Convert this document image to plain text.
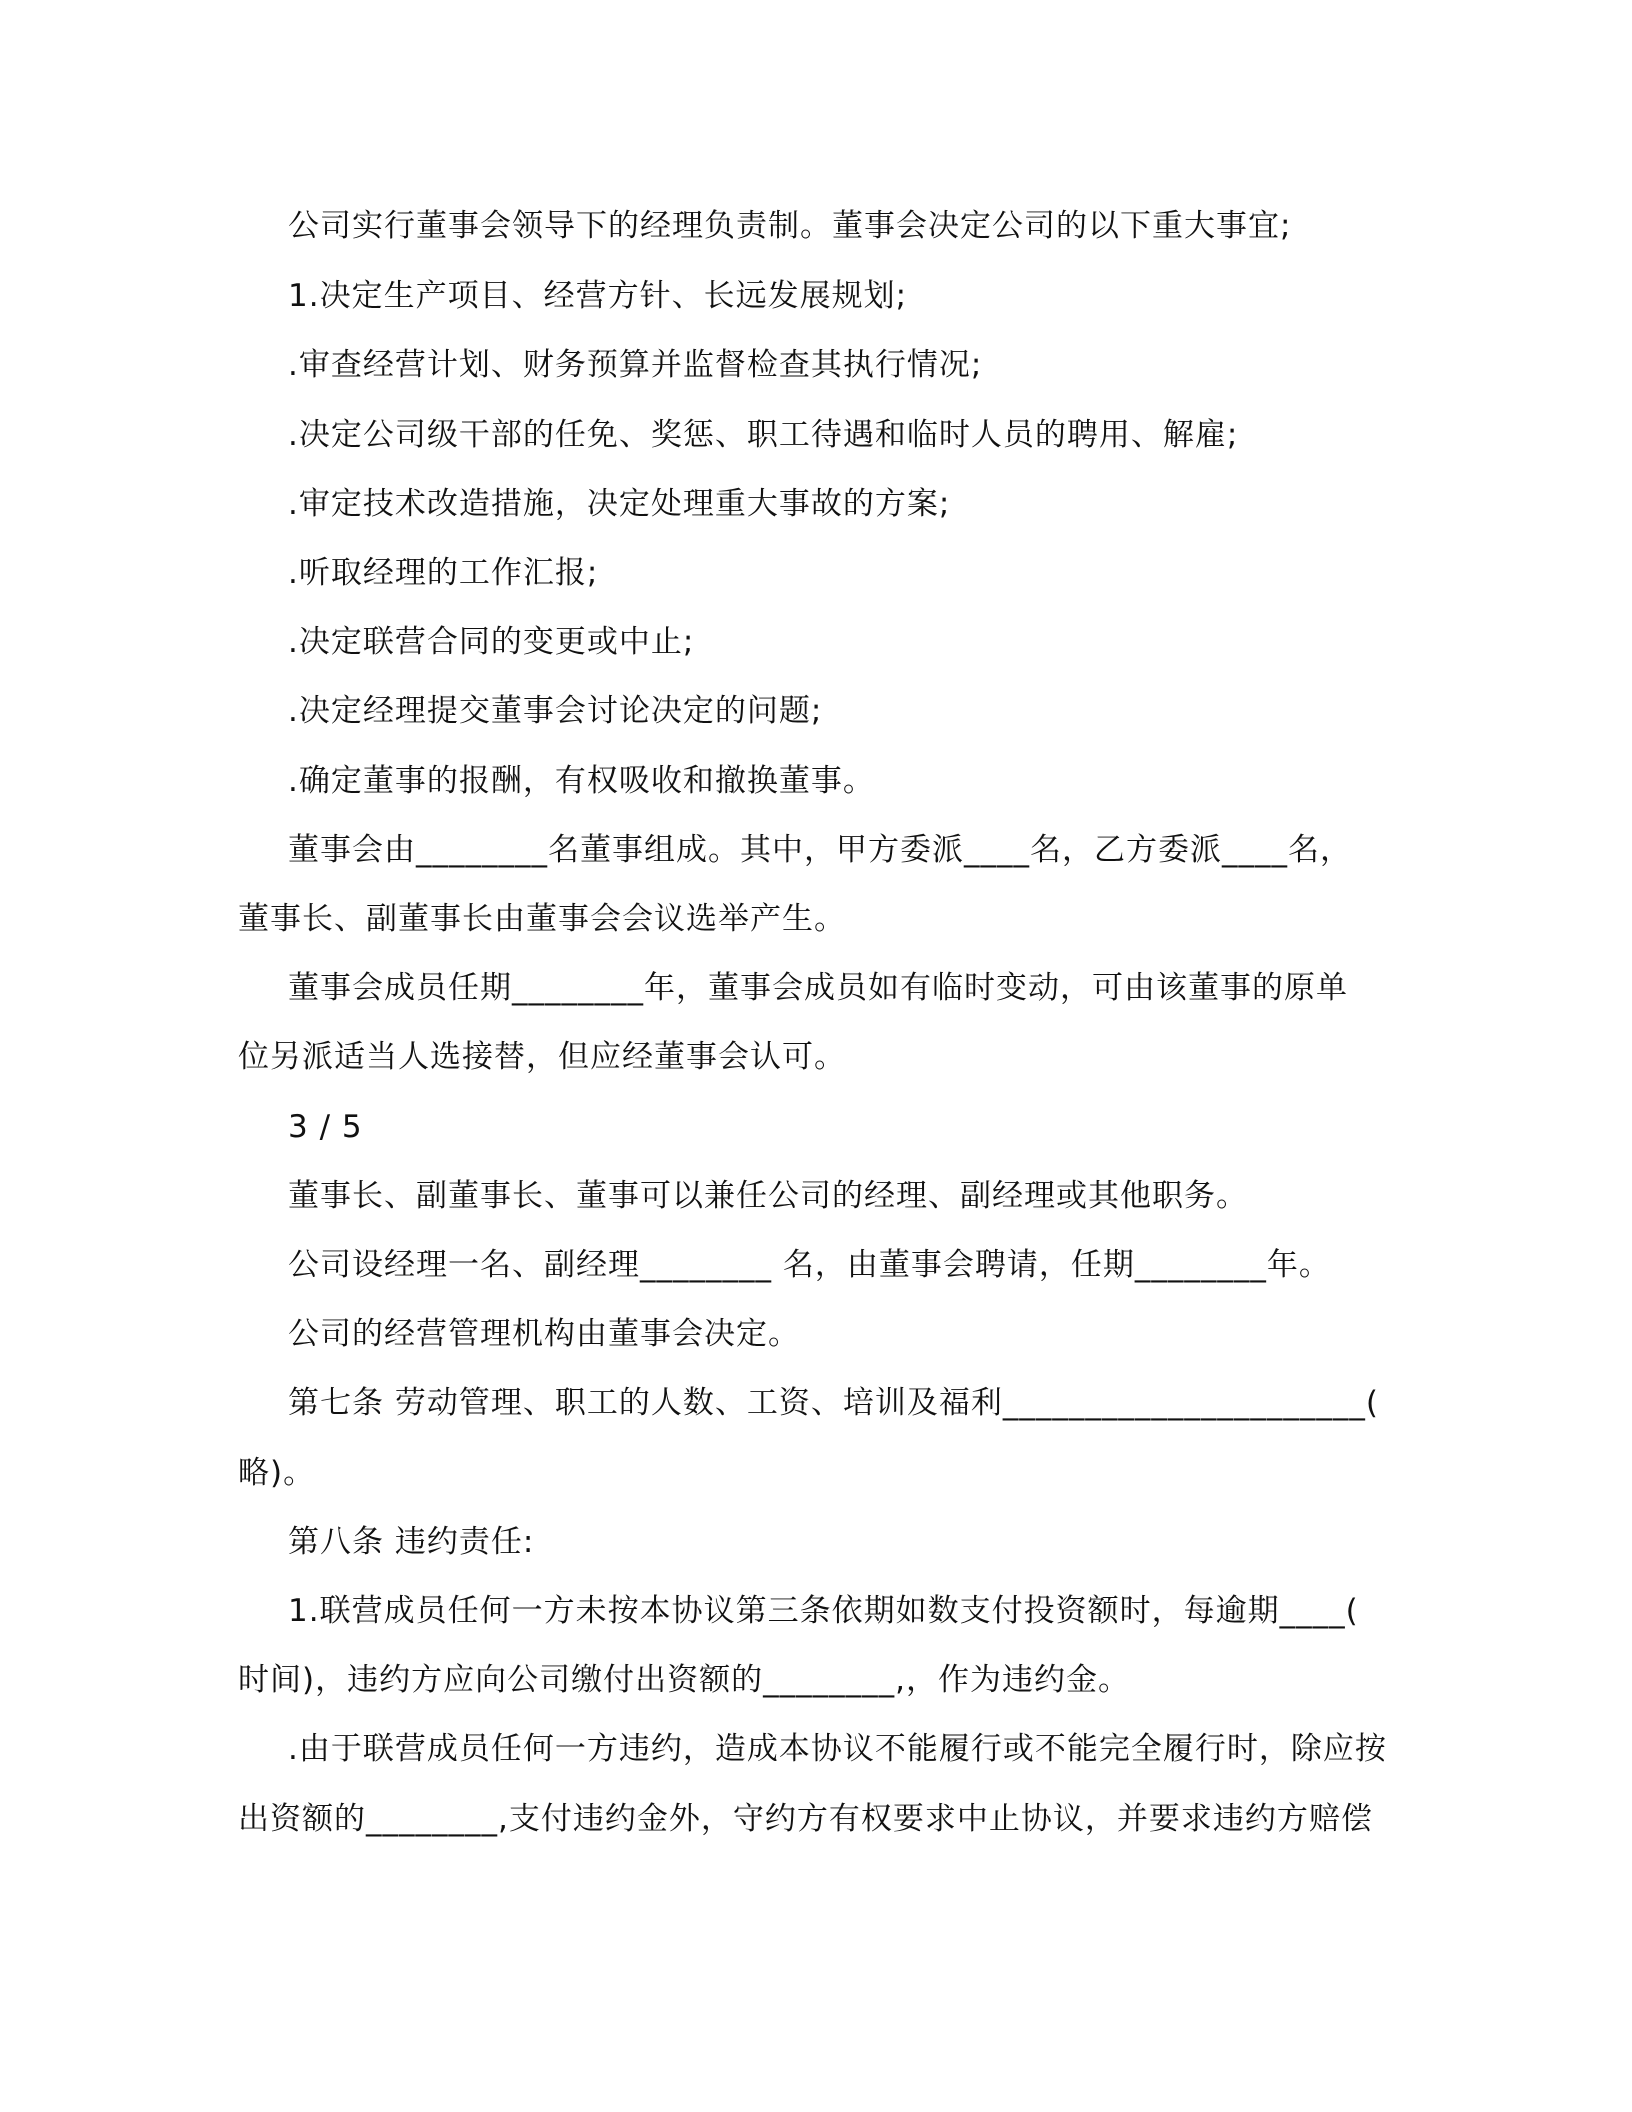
公司实行董事会领导下的经理负责制。董事会决定公司的以下重大事宜;
1.决定生产项目、经营方针、长远发展规划;
.审查经营计划、财务预算并监督检查其执行情况;
.决定公司级干部的任免、奖惩、职工待遇和临时人员的聘用、解雇;
.审定技术改造措施，决定处理重大事故的方案;
.听取经理的工作汇报;
.决定联营合同的变更或中止;
.决定经理提交董事会讨论决定的问题;
.确定董事的报酬，有权吸收和撤换董事。
董事会由________名董事组成。其中，甲方委派____名，乙方委派____名，
董事长、副董事长由董事会会议选举产生。
董事会成员任期________年，董事会成员如有临时变动，可由该董事的原单
位另派适当人选接替，但应经董事会认可。
3 / 5
董事长、副董事长、董事可以兼任公司的经理、副经理或其他职务。
公司设经理一名、副经理________ 名，由董事会聘请，任期________年。
公司的经营管理机构由董事会决定。
第七条 劳动管理、职工的人数、工资、培训及福利______________________(
略)。
第八条 违约责任:
1.联营成员任何一方未按本协议第三条依期如数支付投资额时，每逾期____(
时间)，违约方应向公司缴付出资额的________,，作为违约金。
.由于联营成员任何一方违约，造成本协议不能履行或不能完全履行时，除应按
出资额的________,支付违约金外，守约方有权要求中止协议，并要求违约方赔偿
